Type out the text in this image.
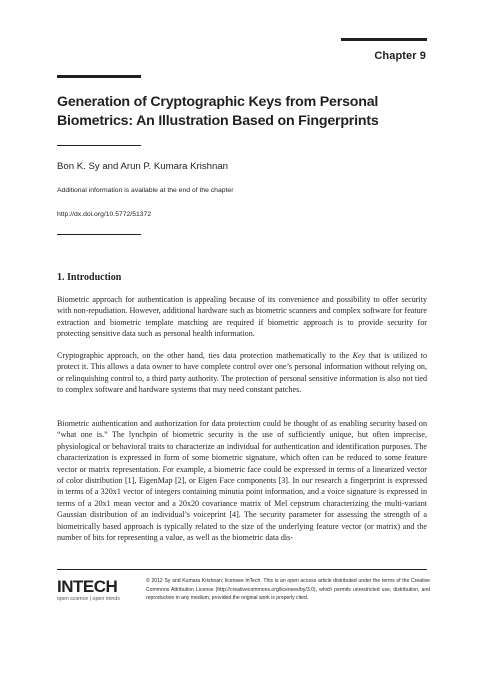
Chapter 9
Generation of Cryptographic Keys from Personal Biometrics: An Illustration Based on Fingerprints
Bon K. Sy and Arun P. Kumara Krishnan
Additional information is available at the end of the chapter
http://dx.doi.org/10.5772/51372
1. Introduction

Biometric approach for authentication is appealing because of its convenience and possibility to offer security with non-repudiation. However, additional hardware such as biometric scanners and complex software for feature extraction and biometric template matching are required if biometric approach is to provide security for protecting sensitive data such as personal health information.

Cryptographic approach, on the other hand, ties data protection mathematically to the Key that is utilized to protect it. This allows a data owner to have complete control over one’s personal information without relying on, or relinquishing control to, a third party authority. The protection of personal sensitive information is also not tied to complex software and hardware systems that may need constant patches.

Biometric authentication and authorization for data protection could be thought of as enabling security based on “what one is.” The lynchpin of biometric security is the use of sufficiently unique, but often imprecise, physiological or behavioral traits to characterize an individual for authentication and identification purposes. The characterization is expressed in form of some biometric signature, which often can be reduced to some feature vector or matrix representation. For example, a biometric face could be expressed in terms of a linearized vector of color distribution [1], EigenMap [2], or Eigen Face components [3]. In our research a fingerprint is expressed in terms of a 320x1 vector of integers containing minutia point information, and a voice signature is expressed in terms of a 20x1 mean vector and a 20x20 covariance matrix of Mel cepstrum characterizing the multi-variant Gaussian distribution of an individual’s voiceprint [4]. The security parameter for assessing the strength of a biometrically based approach is typically related to the size of the underlying feature vector (or matrix) and the number of bits for representing a value, as well as the biometric data dis-

INTECH
open science | open minds
© 2012 Sy and Kumara Krishnan; licensee InTech. This is an open access article distributed under the terms of the Creative Commons Attribution License (http://creativecommons.org/licenses/by/3.0), which permits unrestricted use, distribution, and reproduction in any medium, provided the original work is properly cited.
